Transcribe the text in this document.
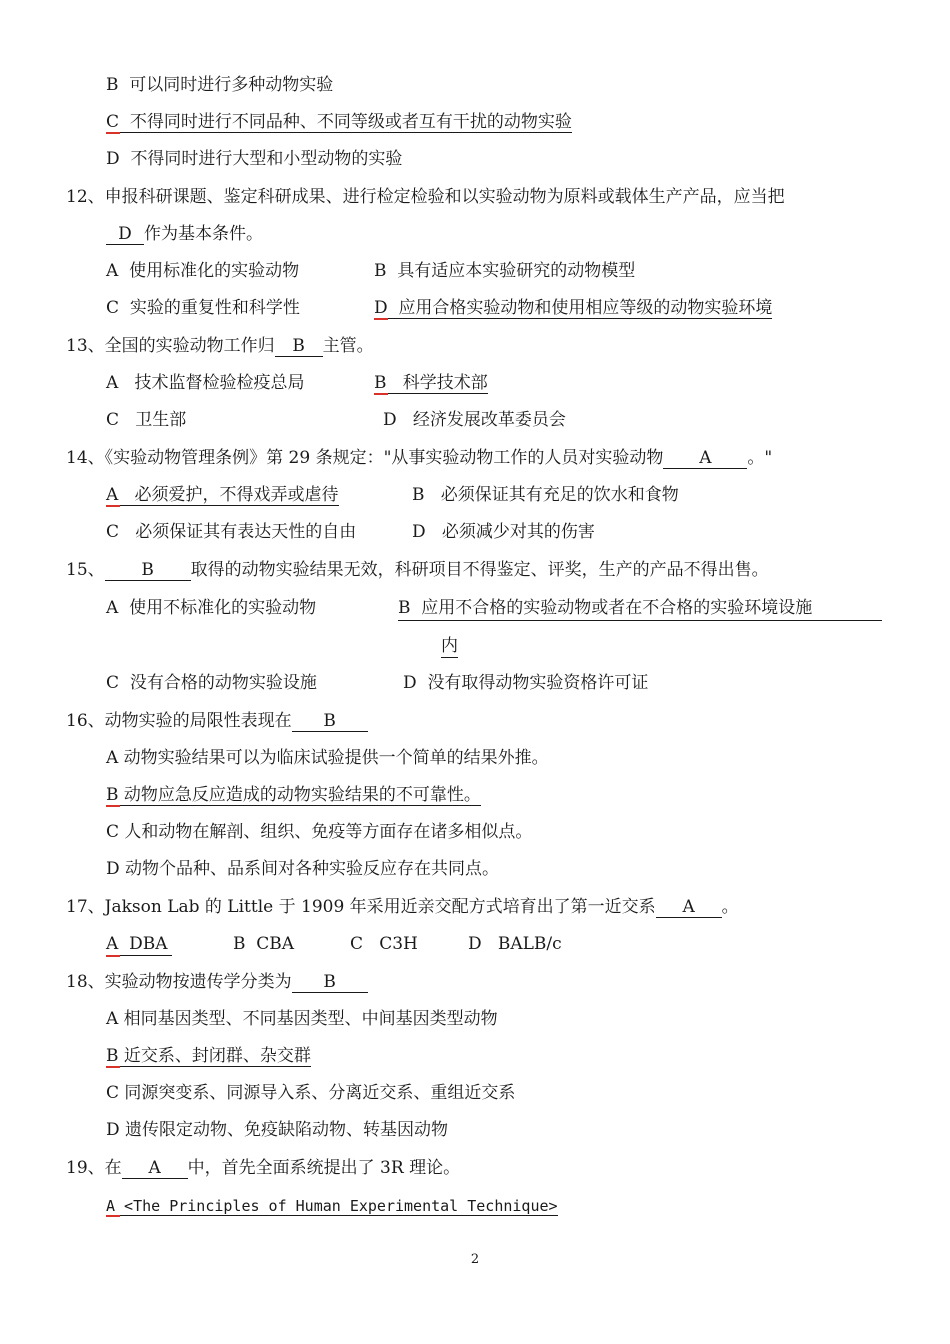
B  可以同时进行多种动物实验
C  不得同时进行不同品种、不同等级或者互有干扰的动物实验
D  不得同时进行大型和小型动物的实验
12、申报科研课题、鉴定科研成果、进行检定检验和以实验动物为原料或载体生产产品，应当把
D 作为基本条件。
A  使用标准化的实验动物	B  具有适应本实验研究的动物模型
C  实验的重复性和科学性	D  应用合格实验动物和使用相应等级的动物实验环境
13、全国的实验动物工作归 B 主管。
A   技术监督检验检疫总局	B   科学技术部
C   卫生部	D   经济发展改革委员会
14、《实验动物管理条例》第 29 条规定："从事实验动物工作的人员对实验动物 A 。"
A   必须爱护，不得戏弄或虐待	B   必须保证其有充足的饮水和食物
C   必须保证其有表达天性的自由	D   必须减少对其的伤害
15、 B 取得的动物实验结果无效，科研项目不得鉴定、评奖，生产的产品不得出售。
A  使用不标准化的实验动物	B  应用不合格的实验动物或者在不合格的实验环境设施
内
C  没有合格的动物实验设施	D  没有取得动物实验资格许可证
16、动物实验的局限性表现在 B
A 动物实验结果可以为临床试验提供一个简单的结果外推。
B 动物应急反应造成的动物实验结果的不可靠性。
C 人和动物在解剖、组织、免疫等方面存在诸多相似点。
D 动物个品种、品系间对各种实验反应存在共同点。
17、Jakson Lab 的 Little 于 1909 年采用近亲交配方式培育出了第一近交系 A 。
A  DBA	B  CBA	C   C3H	D   BALB/c
18、实验动物按遗传学分类为 B
A 相同基因类型、不同基因类型、中间基因类型动物
B 近交系、封闭群、杂交群
C 同源突变系、同源导入系、分离近交系、重组近交系
D 遗传限定动物、免疫缺陷动物、转基因动物
19、在 A 中，首先全面系统提出了 3R 理论。
A <The Principles of Human Experimental Technique>
2
